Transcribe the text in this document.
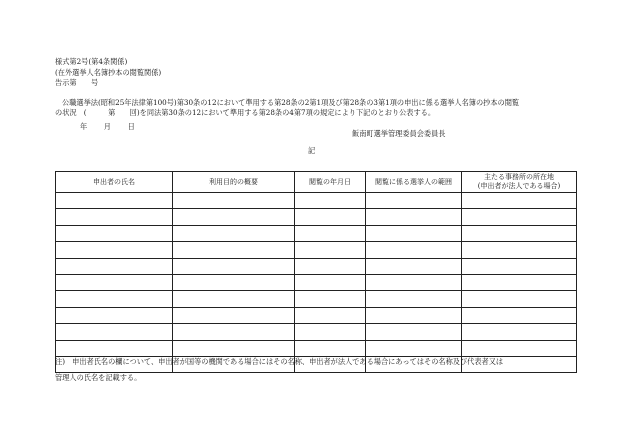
様式第2号(第4条関係)
(在外選挙人名簿抄本の閲覧関係)
告示第　　号
公職選挙法(昭和25年法律第100号)第30条の12において準用する第28条の2第1項及び第28条の3第1項の申出に係る選挙人名簿の抄本の閲覧
の状況　(　　　第　　回)を同法第30条の12において準用する第28条の4第7項の規定により下記のとおり公表する。
年 月 日
飯南町選挙管理委員会委員長
記
申出者の氏名	利用目的の概要	閲覧の年月日	閲覧に係る選挙人の範囲	主たる事務所の所在地
(申出者が法人である場合)

注)　申出者氏名の欄について、申出者が国等の機関である場合にはその名称、申出者が法人である場合にあってはその名称及び代表者又は
管理人の氏名を記載する。
